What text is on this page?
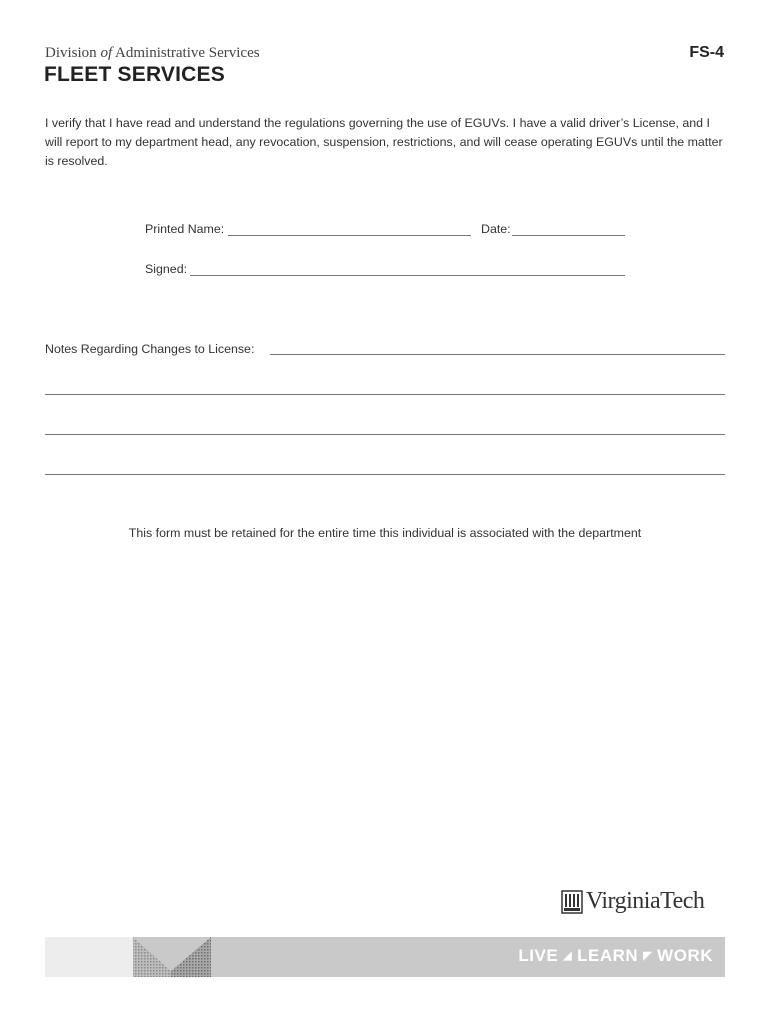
Division of Administrative Services	FS-4
FLEET SERVICES
I verify that I have read and understand the regulations governing the use of EGUVs. I have a valid driver’s License, and I will report to my department head, any revocation, suspension, restrictions, and will cease operating EGUVs until the matter is resolved.
Printed Name:	Date:
Signed:
Notes Regarding Changes to License:
This form must be retained for the entire time this individual is associated with the department
VirginiaTech
LIVE ◢ LEARN ◤ WORK
